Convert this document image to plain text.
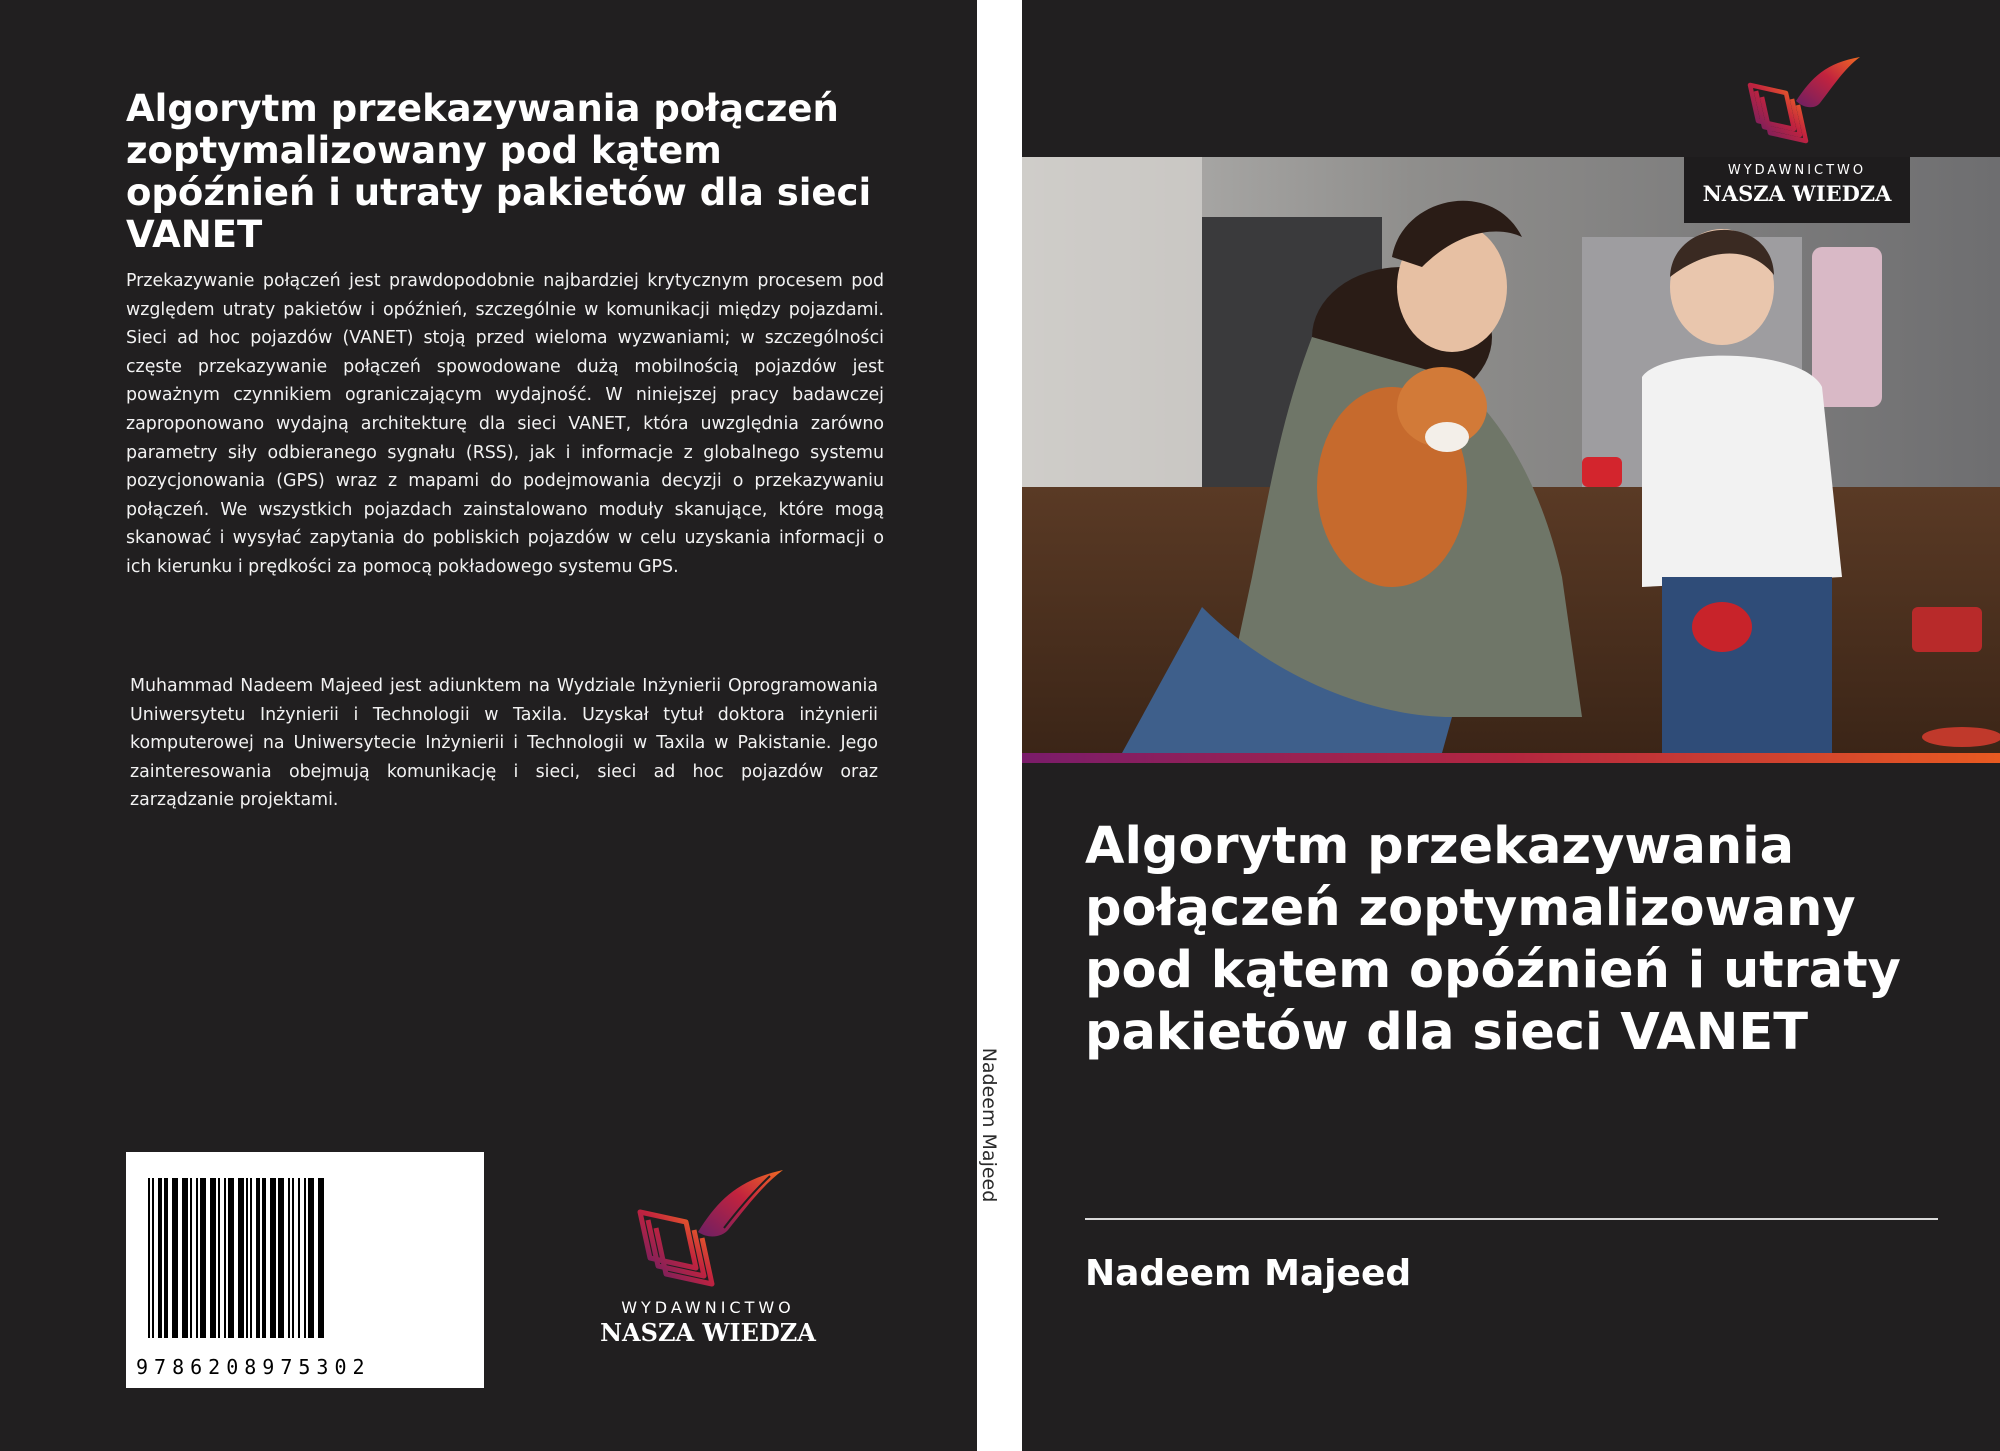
Algorytm przekazywania połączeń zoptymalizowany pod kątem opóźnień i utraty pakietów dla sieci VANET
Przekazywanie połączeń jest prawdopodobnie najbardziej krytycznym procesem pod względem utraty pakietów i opóźnień, szczególnie w komunikacji między pojazdami. Sieci ad hoc pojazdów (VANET) stoją przed wieloma wyzwaniami; w szczególności częste przekazywanie połączeń spowodowane dużą mobilnością pojazdów jest poważnym czynnikiem ograniczającym wydajność. W niniejszej pracy badawczej zaproponowano wydajną architekturę dla sieci VANET, która uwzględnia zarówno parametry siły odbieranego sygnału (RSS), jak i informacje z globalnego systemu pozycjonowania (GPS) wraz z mapami do podejmowania decyzji o przekazywaniu połączeń. We wszystkich pojazdach zainstalowano moduły skanujące, które mogą skanować i wysyłać zapytania do pobliskich pojazdów w celu uzyskania informacji o ich kierunku i prędkości za pomocą pokładowego systemu GPS.
Muhammad Nadeem Majeed jest adiunktem na Wydziale Inżynierii Oprogramowania Uniwersytetu Inżynierii i Technologii w Taxila. Uzyskał tytuł doktora inżynierii komputerowej na Uniwersytecie Inżynierii i Technologii w Taxila w Pakistanie. Jego zainteresowania obejmują komunikację i sieci, sieci ad hoc pojazdów oraz zarządzanie projektami.
9786208975302
WYDAWNICTWO
NASZA WIEDZA
Nadeem Majeed
WYDAWNICTWO
NASZA WIEDZA
Algorytm przekazywania połączeń zoptymalizowany pod kątem opóźnień i utraty pakietów dla sieci VANET
Nadeem Majeed
